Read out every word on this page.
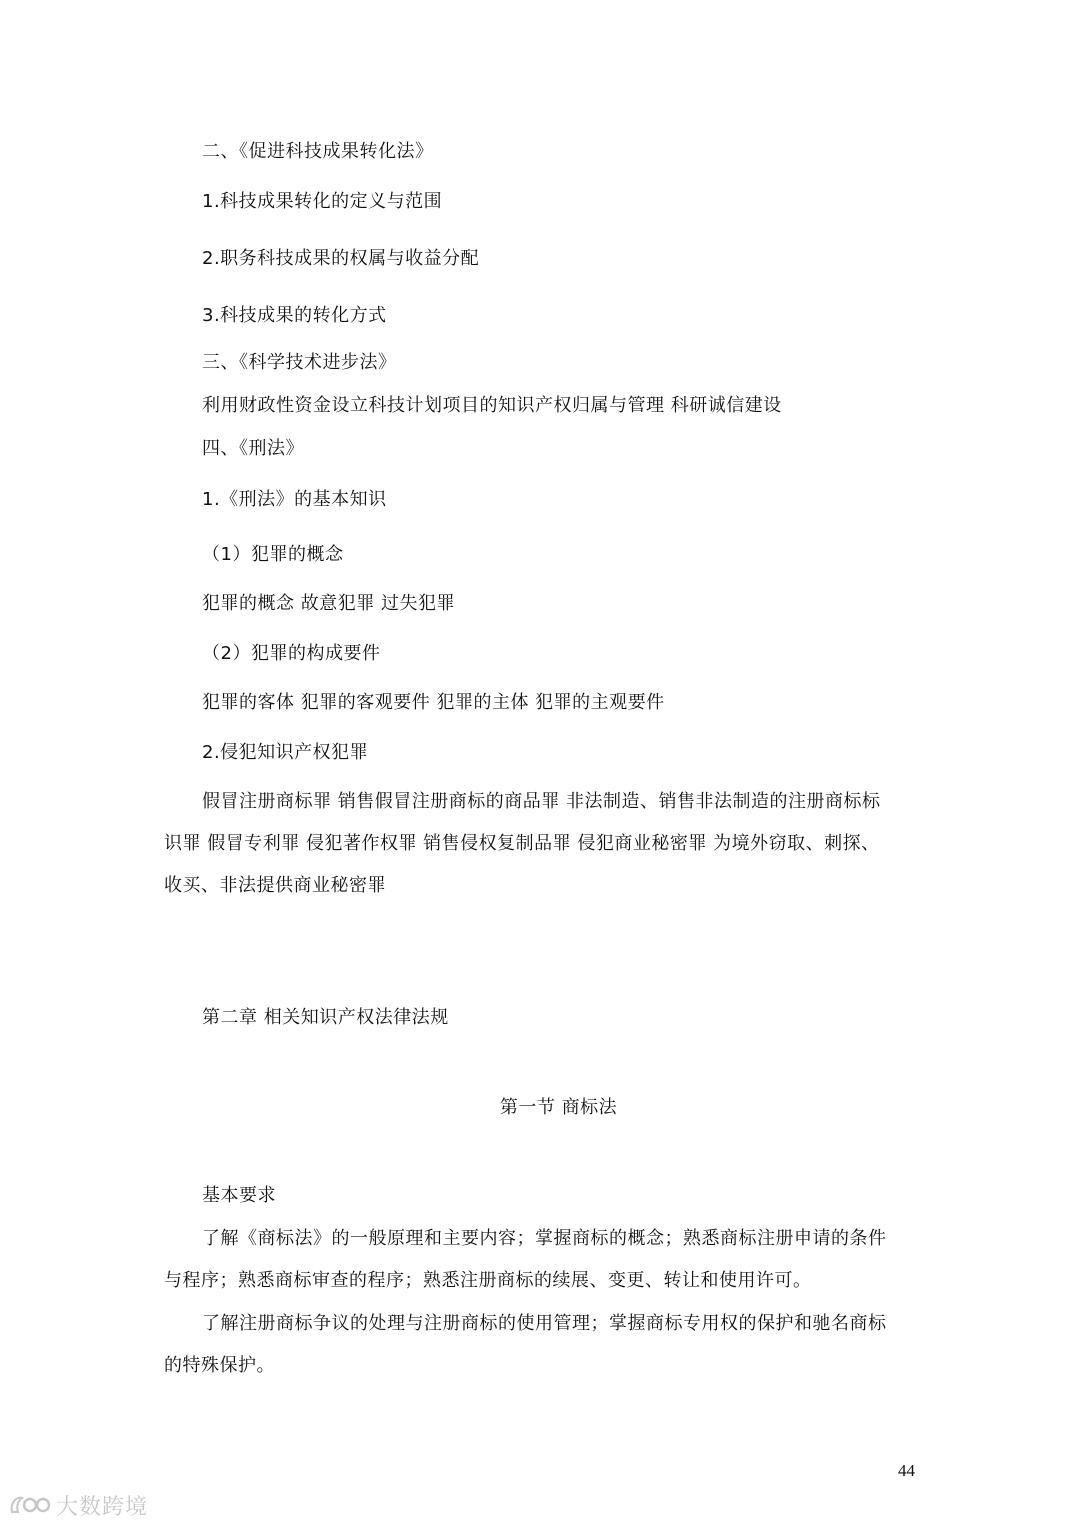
二、《促进科技成果转化法》
1.科技成果转化的定义与范围
2.职务科技成果的权属与收益分配
3.科技成果的转化方式
三、《科学技术进步法》
利用财政性资金设立科技计划项目的知识产权归属与管理 科研诚信建设
四、《刑法》
1.《刑法》的基本知识
（1）犯罪的概念
犯罪的概念 故意犯罪 过失犯罪
（2）犯罪的构成要件
犯罪的客体 犯罪的客观要件 犯罪的主体 犯罪的主观要件
2.侵犯知识产权犯罪
假冒注册商标罪 销售假冒注册商标的商品罪 非法制造、销售非法制造的注册商标标
识罪 假冒专利罪 侵犯著作权罪 销售侵权复制品罪 侵犯商业秘密罪 为境外窃取、刺探、
收买、非法提供商业秘密罪
第二章 相关知识产权法律法规
第一节 商标法
基本要求
了解《商标法》的一般原理和主要内容；掌握商标的概念；熟悉商标注册申请的条件
与程序；熟悉商标审查的程序；熟悉注册商标的续展、变更、转让和使用许可。
了解注册商标争议的处理与注册商标的使用管理；掌握商标专用权的保护和驰名商标
的特殊保护。
44
大数跨境
